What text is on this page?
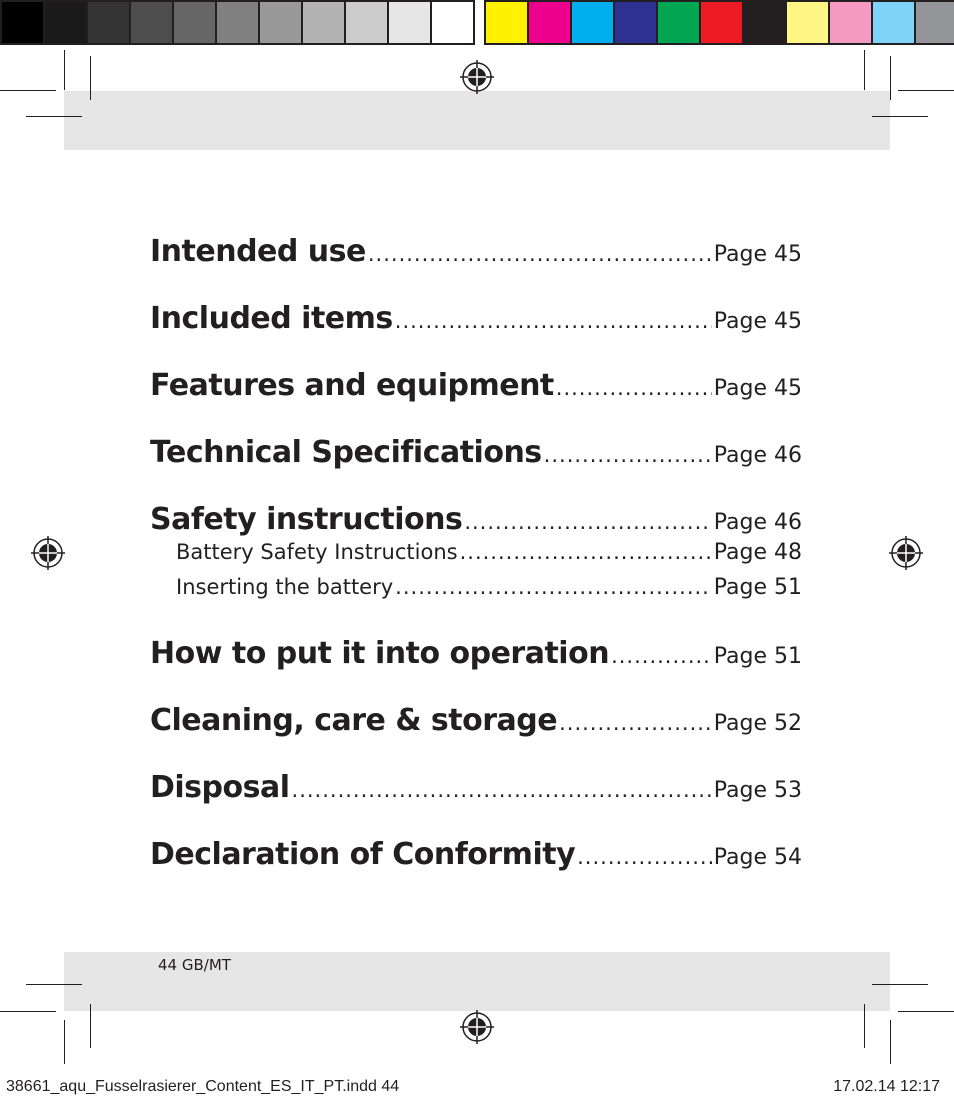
Intended use .....	Page 45
Included items .....	Page 45
Features and equipment .....	Page 45
Technical Specifications .....	Page 46
Safety instructions .....	Page 46
Battery Safety Instructions .....	Page 48
Inserting the battery .....	Page 51
How to put it into operation .....	Page 51
Cleaning, care & storage .....	Page 52
Disposal .....	Page 53
Declaration of Conformity .....	Page 54
44 GB/MT
38661_aqu_Fusselrasierer_Content_ES_IT_PT.indd 44	17.02.14 12:17
